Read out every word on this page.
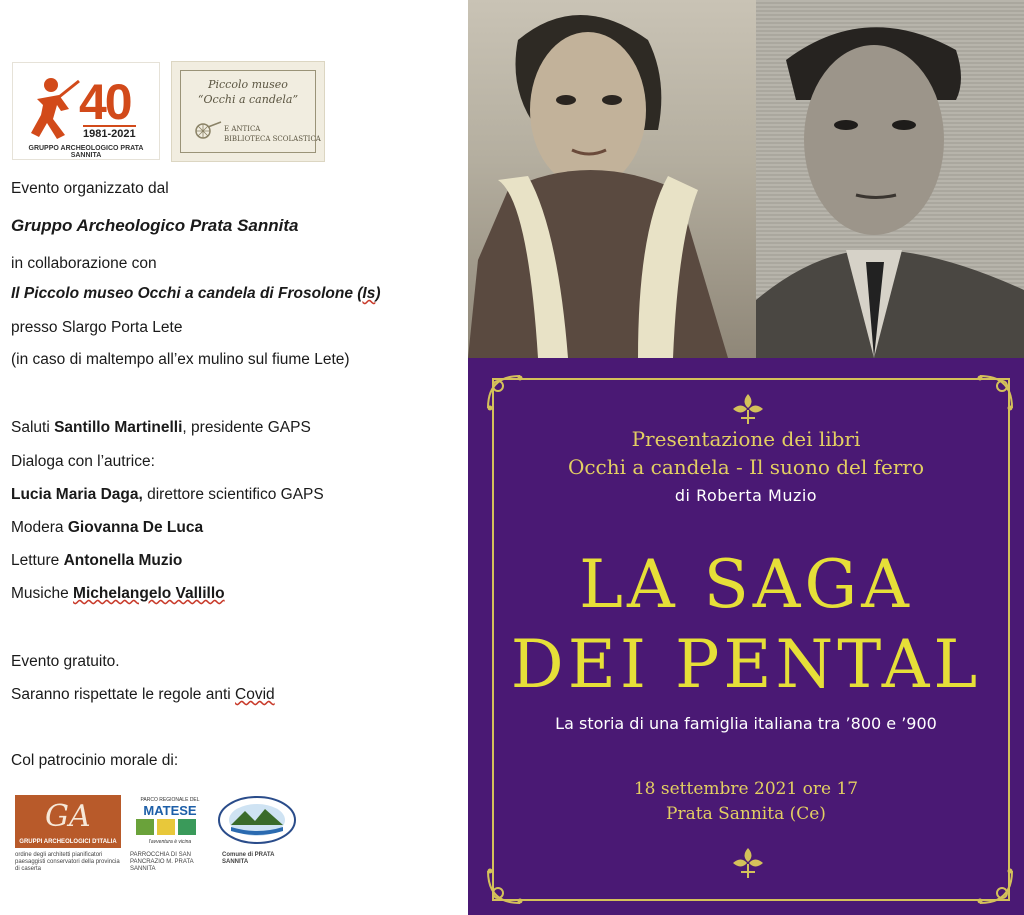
40
1981-2021
GRUPPO ARCHEOLOGICO PRATA SANNITA
Piccolo museo
“Occhi a candela”
E ANTICA
BIBLIOTECA SCOLASTICA
Evento organizzato dal
Gruppo Archeologico Prata Sannita
in collaborazione con
Il Piccolo museo Occhi a candela di Frosolone (Is)
presso Slargo Porta Lete
(in caso di maltempo all’ex mulino sul fiume Lete)
Saluti Santillo Martinelli, presidente GAPS
Dialoga con l’autrice:
Lucia Maria Daga, direttore scientifico GAPS
Modera Giovanna De Luca
Letture Antonella Muzio
Musiche Michelangelo Vallillo
Evento gratuito.
Saranno rispettate le regole anti Covid
Col patrocinio morale di:
GA
GRUPPI ARCHEOLOGICI D'ITALIA
PARCO REGIONALE DEL
MATESE
l'avventura è vicina
ordine degli architetti pianificatori paesaggisti conservatori della provincia di caserta
PARROCCHIA DI SAN PANCRAZIO M. PRATA SANNITA
Comune di PRATA SANNITA
Presentazione dei libri
Occhi a candela - Il suono del ferro
di Roberta Muzio
LA SAGA
DEI PENTAL
La storia di una famiglia italiana tra ’800 e ’900
18 settembre 2021 ore 17
Prata Sannita (Ce)
